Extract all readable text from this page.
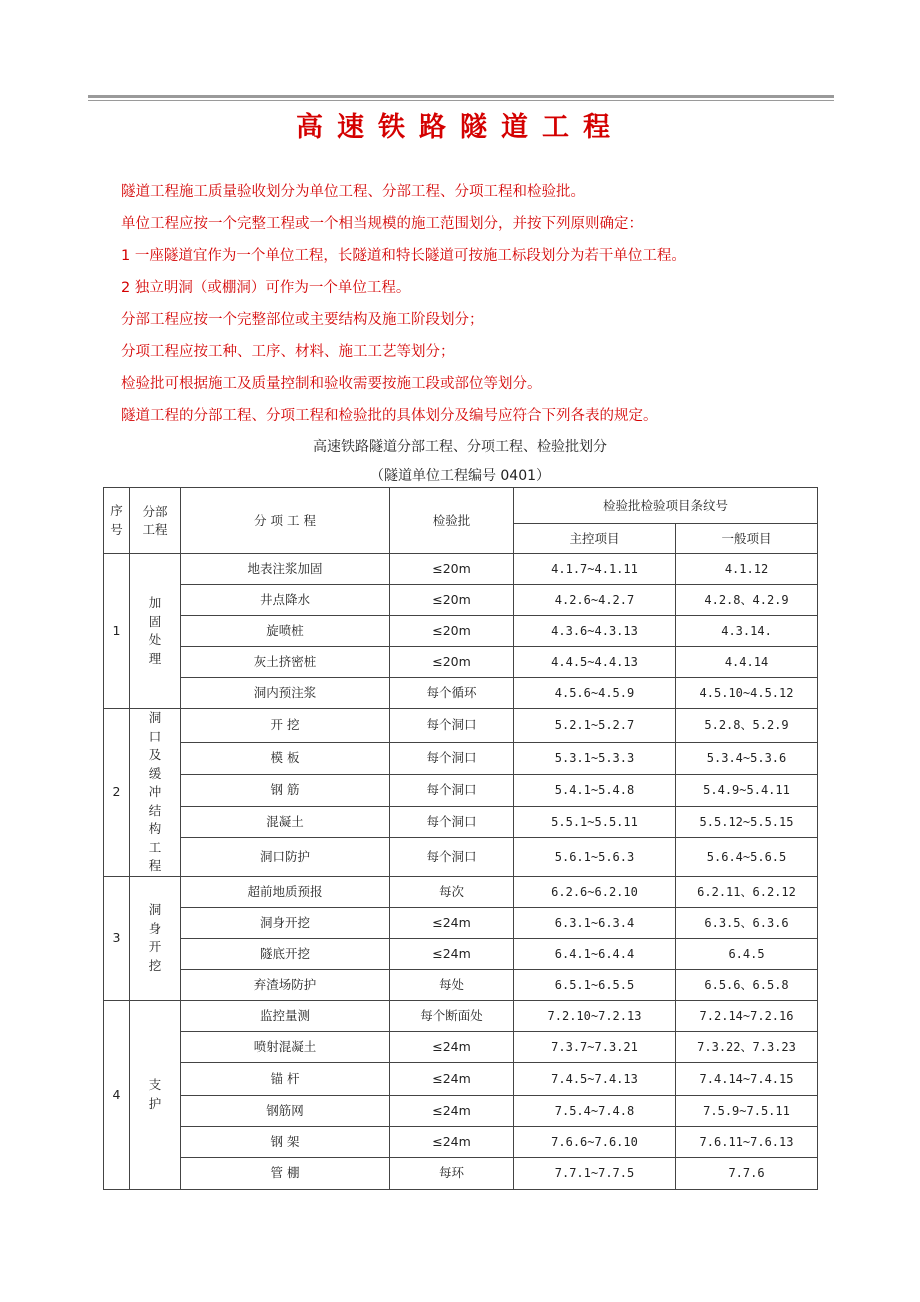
高速铁路隧道工程
隧道工程施工质量验收划分为单位工程、分部工程、分项工程和检验批。
单位工程应按一个完整工程或一个相当规模的施工范围划分，并按下列原则确定：
1 一座隧道宜作为一个单位工程，长隧道和特长隧道可按施工标段划分为若干单位工程。
2 独立明洞（或棚洞）可作为一个单位工程。
分部工程应按一个完整部位或主要结构及施工阶段划分；
分项工程应按工种、工序、材料、施工工艺等划分；
检验批可根据施工及质量控制和验收需要按施工段或部位等划分。
隧道工程的分部工程、分项工程和检验批的具体划分及编号应符合下列各表的规定。
高速铁路隧道分部工程、分项工程、检验批划分
（隧道单位工程编号 0401）
序号	分部工程	分 项 工 程	检验批	检验批检验项目条纹号	
				主控项目	一般项目
1	加固处理	地表注浆加固	≤20m	4.1.7~4.1.11	4.1.12
		井点降水	≤20m	4.2.6~4.2.7	4.2.8、4.2.9
		旋喷桩	≤20m	4.3.6~4.3.13	4.3.14.
		灰土挤密桩	≤20m	4.4.5~4.4.13	4.4.14
		洞内预注浆	每个循环	4.5.6~4.5.9	4.5.10~4.5.12
2	洞口及缓冲结构工程	开 挖	每个洞口	5.2.1~5.2.7	5.2.8、5.2.9
		模 板	每个洞口	5.3.1~5.3.3	5.3.4~5.3.6
		钢 筋	每个洞口	5.4.1~5.4.8	5.4.9~5.4.11
		混凝土	每个洞口	5.5.1~5.5.11	5.5.12~5.5.15
		洞口防护	每个洞口	5.6.1~5.6.3	5.6.4~5.6.5
3	洞身开挖	超前地质预报	每次	6.2.6~6.2.10	6.2.11、6.2.12
		洞身开挖	≤24m	6.3.1~6.3.4	6.3.5、6.3.6
		隧底开挖	≤24m	6.4.1~6.4.4	6.4.5
		弃渣场防护	每处	6.5.1~6.5.5	6.5.6、6.5.8
4	支护	监控量测	每个断面处	7.2.10~7.2.13	7.2.14~7.2.16
		喷射混凝土	≤24m	7.3.7~7.3.21	7.3.22、7.3.23
		锚 杆	≤24m	7.4.5~7.4.13	7.4.14~7.4.15
		钢筋网	≤24m	7.5.4~7.4.8	7.5.9~7.5.11
		钢 架	≤24m	7.6.6~7.6.10	7.6.11~7.6.13
		管 棚	每环	7.7.1~7.7.5	7.7.6
